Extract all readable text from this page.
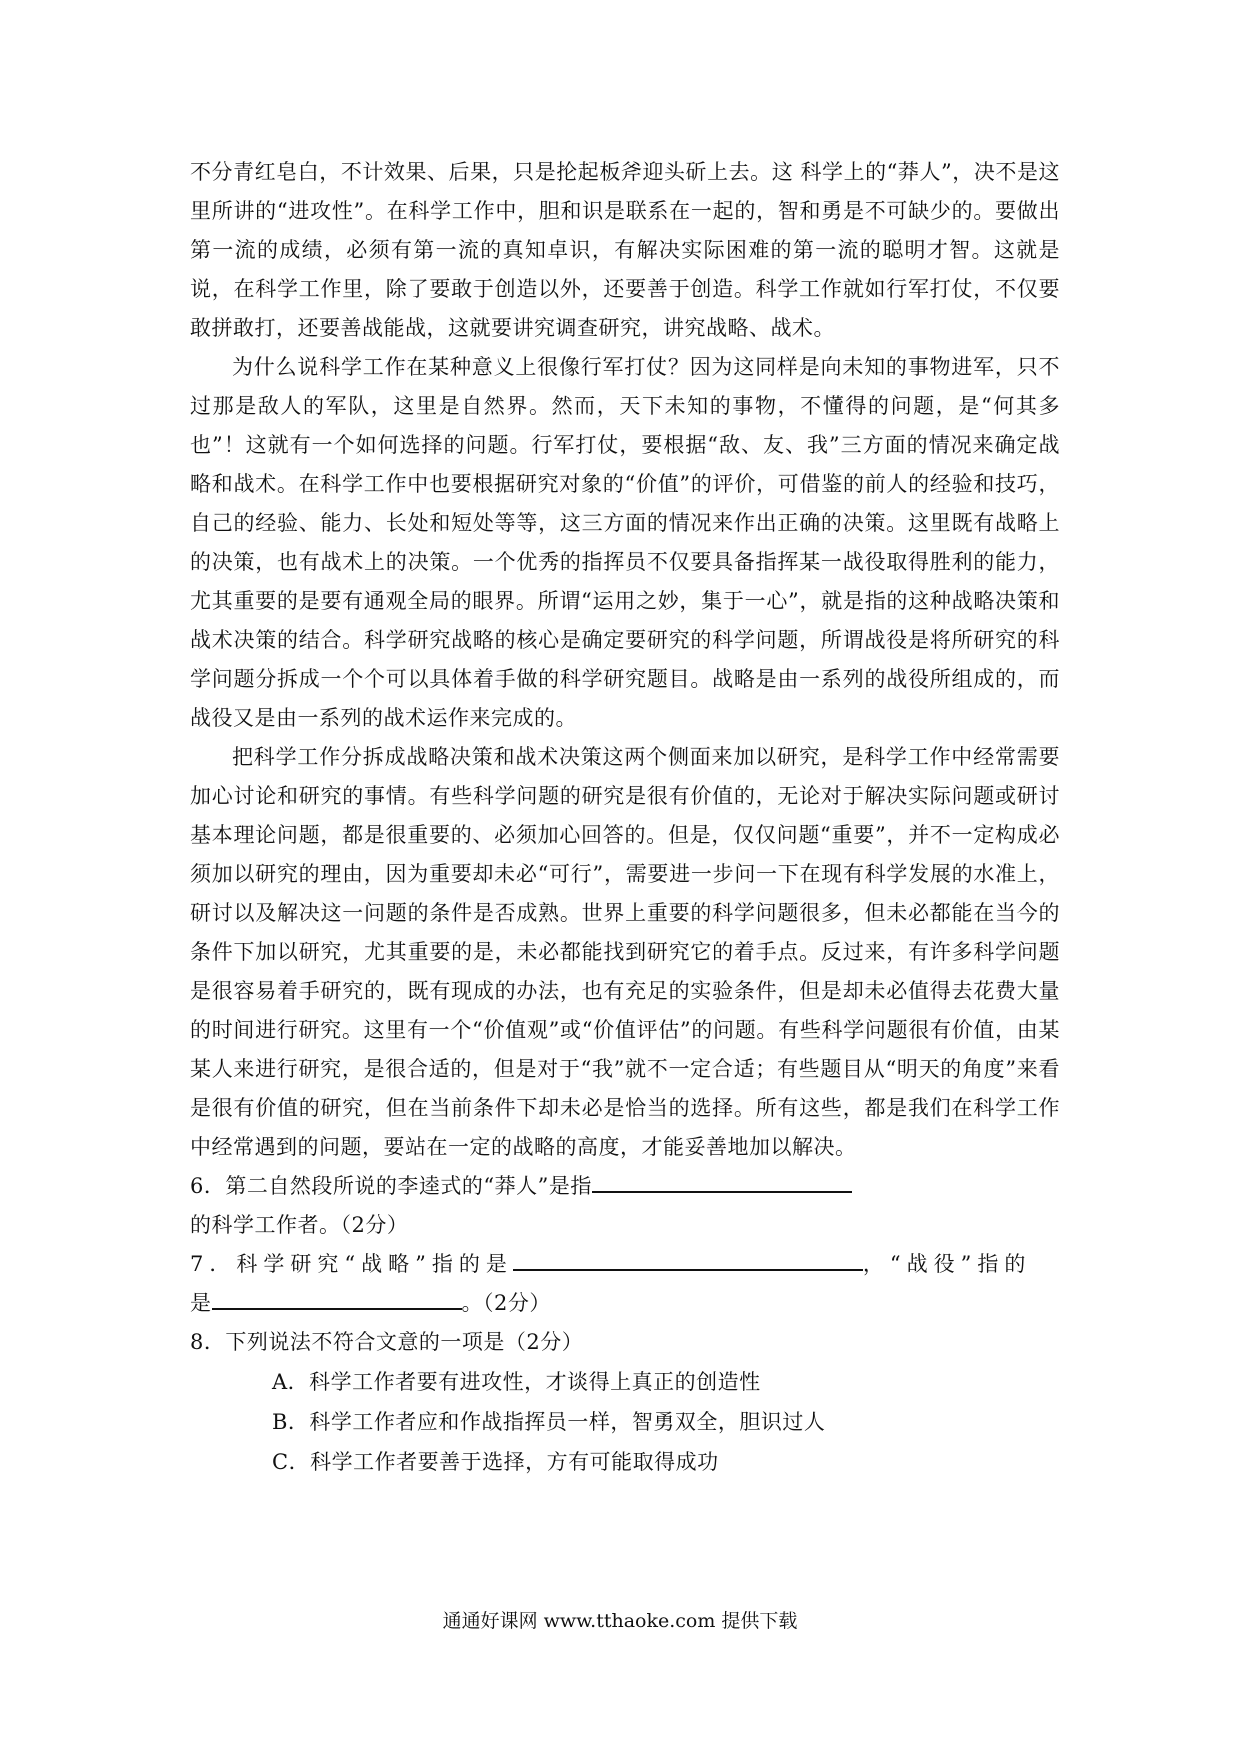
不分青红皂白，不计效果、后果，只是抡起板斧迎头斫上去。这 科学上的“莽人”，决不是这里所讲的“进攻性”。在科学工作中，胆和识是联系在一起的，智和勇是不可缺少的。要做出第一流的成绩，必须有第一流的真知卓识，有解决实际困难的第一流的聪明才智。这就是说，在科学工作里，除了要敢于创造以外，还要善于创造。科学工作就如行军打仗，不仅要敢拼敢打，还要善战能战，这就要讲究调查研究，讲究战略、战术。

为什么说科学工作在某种意义上很像行军打仗？因为这同样是向未知的事物进军，只不过那是敌人的军队，这里是自然界。然而，天下未知的事物，不懂得的问题，是“何其多也”！这就有一个如何选择的问题。行军打仗，要根据“敌、友、我”三方面的情况来确定战略和战术。在科学工作中也要根据研究对象的“价值”的评价，可借鉴的前人的经验和技巧，自己的经验、能力、长处和短处等等，这三方面的情况来作出正确的决策。这里既有战略上的决策，也有战术上的决策。一个优秀的指挥员不仅要具备指挥某一战役取得胜利的能力，尤其重要的是要有通观全局的眼界。所谓“运用之妙，集于一心”，就是指的这种战略决策和战术决策的结合。科学研究战略的核心是确定要研究的科学问题，所谓战役是将所研究的科学问题分拆成一个个可以具体着手做的科学研究题目。战略是由一系列的战役所组成的，而战役又是由一系列的战术运作来完成的。

把科学工作分拆成战略决策和战术决策这两个侧面来加以研究，是科学工作中经常需要加心讨论和研究的事情。有些科学问题的研究是很有价值的，无论对于解决实际问题或研讨基本理论问题，都是很重要的、必须加心回答的。但是，仅仅问题“重要”，并不一定构成必须加以研究的理由，因为重要却未必“可行”，需要进一步问一下在现有科学发展的水准上，研讨以及解决这一问题的条件是否成熟。世界上重要的科学问题很多，但未必都能在当今的条件下加以研究，尤其重要的是，未必都能找到研究它的着手点。反过来，有许多科学问题是很容易着手研究的，既有现成的办法，也有充足的实验条件，但是却未必值得去花费大量的时间进行研究。这里有一个“价值观”或“价值评估”的问题。有些科学问题很有价值，由某某人来进行研究，是很合适的，但是对于“我”就不一定合适；有些题目从“明天的角度”来看是很有价值的研究，但在当前条件下却未必是恰当的选择。所有这些，都是我们在科学工作中经常遇到的问题，要站在一定的战略的高度，才能妥善地加以解决。

6．第二自然段所说的李逵式的“莽人”是指的科学工作者。（2分）

7．科学研究“战略”指的是	，“战役”指的
是	。（2分）

8．下列说法不符合文意的一项是（2分）

A．科学工作者要有进攻性，才谈得上真正的创造性

B．科学工作者应和作战指挥员一样，智勇双全，胆识过人

C．科学工作者要善于选择，方有可能取得成功

通通好课网 www.tthaoke.com 提供下载
